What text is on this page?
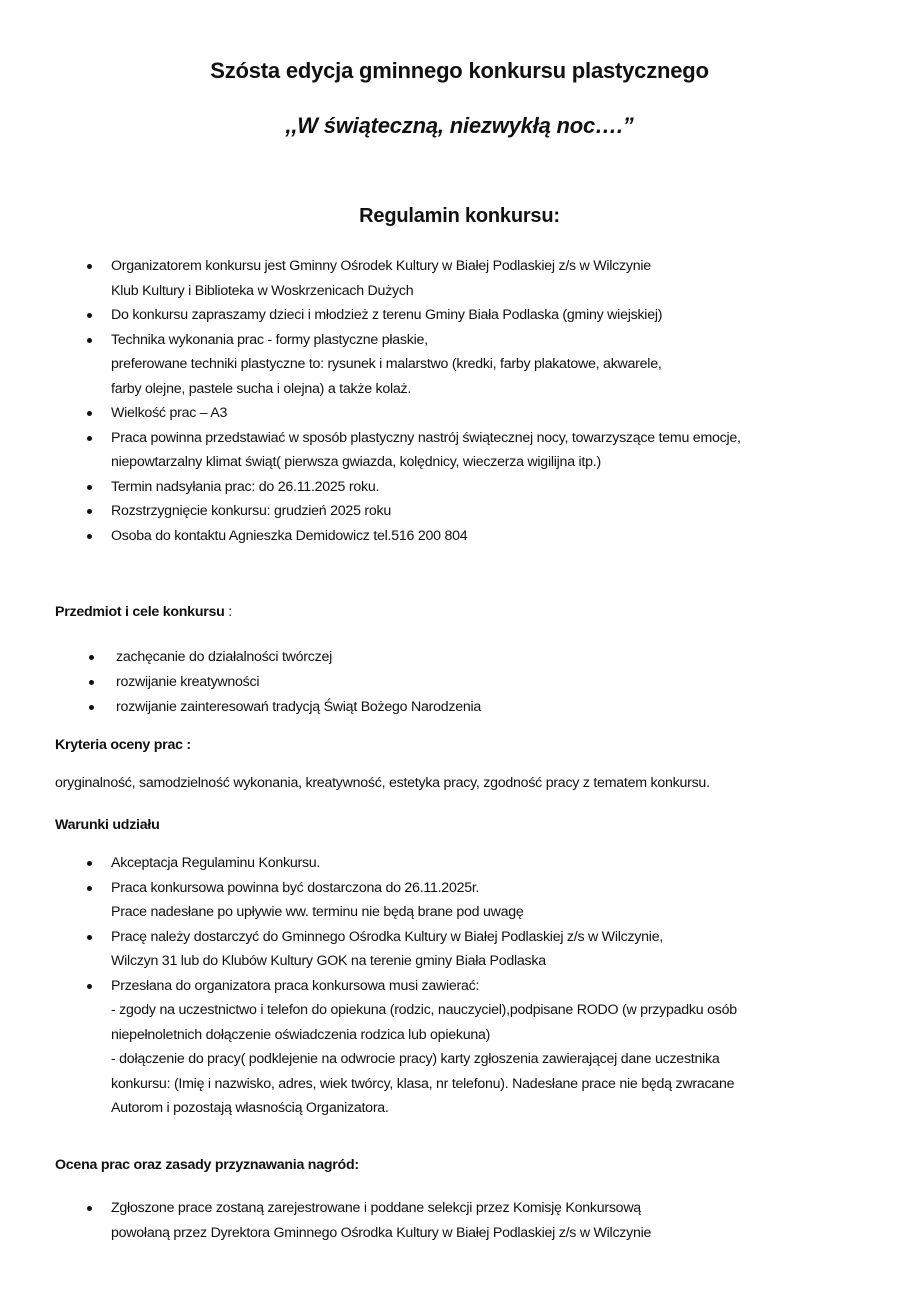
Szósta edycja gminnego konkursu plastycznego
,,W świąteczną, niezwykłą noc….”
Regulamin konkursu:
Organizatorem konkursu jest Gminny Ośrodek Kultury w Białej Podlaskiej z/s w Wilczynie
Klub Kultury i Biblioteka w Woskrzenicach Dużych
Do konkursu zapraszamy dzieci i młodzież z terenu Gminy Biała Podlaska (gminy wiejskiej)
Technika wykonania prac - formy plastyczne płaskie,
preferowane techniki plastyczne to: rysunek i malarstwo (kredki, farby plakatowe, akwarele,
farby olejne, pastele sucha i olejna) a także kolaż.
Wielkość prac – A3
Praca powinna przedstawiać w sposób plastyczny nastrój świątecznej nocy, towarzyszące temu emocje,
niepowtarzalny klimat świąt( pierwsza gwiazda, kolędnicy, wieczerza wigilijna itp.)
Termin nadsyłania prac: do 26.11.2025 roku.
Rozstrzygnięcie konkursu: grudzień 2025 roku
Osoba do kontaktu Agnieszka Demidowicz tel.516 200 804
Przedmiot i cele konkursu :
zachęcanie do działalności twórczej
rozwijanie kreatywności
rozwijanie zainteresowań tradycją Świąt Bożego Narodzenia
Kryteria oceny prac :
oryginalność, samodzielność wykonania, kreatywność, estetyka pracy, zgodność pracy z tematem konkursu.
Warunki udziału
Akceptacja Regulaminu Konkursu.
Praca konkursowa powinna być dostarczona do 26.11.2025r.
Prace nadesłane po upływie ww. terminu nie będą brane pod uwagę
Pracę należy dostarczyć do Gminnego Ośrodka Kultury w Białej Podlaskiej z/s w Wilczynie,
Wilczyn 31 lub do Klubów Kultury GOK na terenie gminy Biała Podlaska
Przesłana do organizatora praca konkursowa musi zawierać:
- zgody na uczestnictwo i telefon do opiekuna (rodzic, nauczyciel),podpisane RODO (w przypadku osób
niepełnoletnich dołączenie oświadczenia rodzica lub opiekuna)
- dołączenie do pracy( podklejenie na odwrocie pracy) karty zgłoszenia zawierającej dane uczestnika
konkursu: (Imię i nazwisko, adres, wiek twórcy, klasa, nr telefonu). Nadesłane prace nie będą zwracane
Autorom i pozostają własnością Organizatora.
Ocena prac oraz zasady przyznawania nagród:
Zgłoszone prace zostaną zarejestrowane i poddane selekcji przez Komisję Konkursową
powołaną przez Dyrektora Gminnego Ośrodka Kultury w Białej Podlaskiej z/s w Wilczynie
